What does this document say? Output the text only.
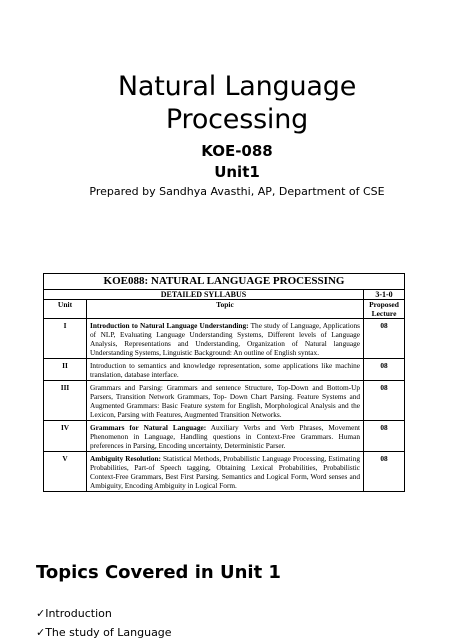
Natural Language
Processing
KOE-088
Unit1
Prepared by Sandhya Avasthi, AP, Department of CSE
KOE088: NATURAL LANGUAGE PROCESSING		
DETAILED SYLLABUS		3-1-0
Unit	Topic	Proposed Lecture
I	Introduction to Natural Language Understanding: The study of Language, Applications of NLP, Evaluating Language Understanding Systems, Different levels of Language Analysis, Representations and Understanding, Organization of Natural language Understanding Systems, Linguistic Background: An outline of English syntax.	08
II	Introduction to semantics and knowledge representation, some applications like machine translation, database interface.	08
III	Grammars and Parsing: Grammars and sentence Structure, Top-Down and Bottom-Up Parsers, Transition Network Grammars, Top- Down Chart Parsing. Feature Systems and Augmented Grammars: Basic Feature system for English, Morphological Analysis and the Lexicon, Parsing with Features, Augmented Transition Networks.	08
IV	Grammars for Natural Language: Auxiliary Verbs and Verb Phrases, Movement Phenomenon in Language, Handling questions in Context-Free Grammars. Human preferences in Parsing, Encoding uncertainty, Deterministic Parser.	08
V	Ambiguity Resolution: Statistical Methods, Probabilistic Language Processing, Estimating Probabilities, Part-of Speech tagging, Obtaining Lexical Probabilities, Probabilistic Context-Free Grammars, Best First Parsing. Semantics and Logical Form, Word senses and Ambiguity, Encoding Ambiguity in Logical Form.	08
Topics Covered in Unit 1
✓Introduction
✓The study of Language
